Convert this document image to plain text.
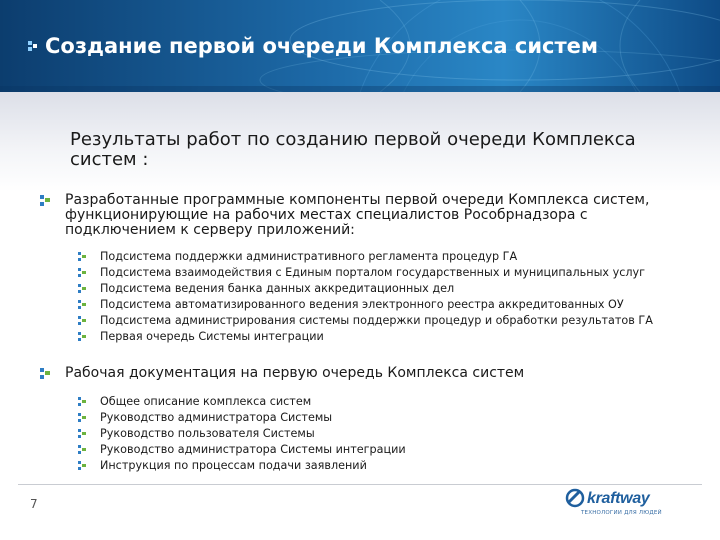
Создание первой очереди Комплекса систем
Результаты работ по созданию первой очереди Комплекса систем :
Разработанные программные компоненты первой очереди Комплекса систем, функционирующие на рабочих местах специалистов Рособрнадзора с подключением к серверу приложений:
Подсистема поддержки административного регламента процедур ГА
Подсистема взаимодействия с Единым порталом государственных и муниципальных услуг
Подсистема ведения банка данных аккредитационных дел
Подсистема автоматизированного ведения электронного реестра аккредитованных ОУ
Подсистема администрирования системы поддержки процедур и обработки результатов ГА
Первая очередь Системы интеграции
Рабочая документация на первую очередь Комплекса систем
Общее описание комплекса систем
Руководство администратора Системы
Руководство пользователя Системы
Руководство администратора Системы интеграции
Инструкция по процессам подачи заявлений
7	kraftway
ТЕХНОЛОГИИ ДЛЯ ЛЮДЕЙ
